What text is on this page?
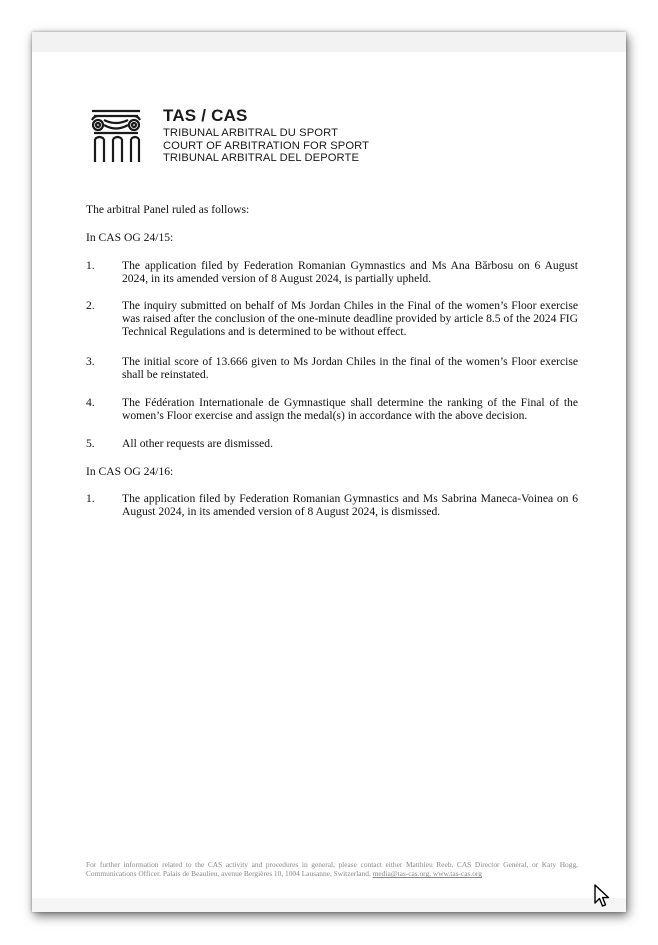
TAS / CAS
TRIBUNAL ARBITRAL DU SPORT
COURT OF ARBITRATION FOR SPORT
TRIBUNAL ARBITRAL DEL DEPORTE

The arbitral Panel ruled as follows:

In CAS OG 24/15:

1.	The application filed by Federation Romanian Gymnastics and Ms Ana Bărbosu on 6 August 2024, in its amended version of 8 August 2024, is partially upheld.
2.	The inquiry submitted on behalf of Ms Jordan Chiles in the Final of the women’s Floor exercise was raised after the conclusion of the one-minute deadline provided by article 8.5 of the 2024 FIG Technical Regulations and is determined to be without effect.
3.	The initial score of 13.666 given to Ms Jordan Chiles in the final of the women’s Floor exercise shall be reinstated.
4.	The Fédération Internationale de Gymnastique shall determine the ranking of the Final of the women’s Floor exercise and assign the medal(s) in accordance with the above decision.
5.	All other requests are dismissed.

In CAS OG 24/16:

1.	The application filed by Federation Romanian Gymnastics and Ms Sabrina Maneca-Voinea on 6 August 2024, in its amended version of 8 August 2024, is dismissed.
For further information related to the CAS activity and procedures in general, please contact either Matthieu Reeb, CAS Director General, or Katy Hogg, Communications Officer. Palais de Beaulieu, avenue Bergières 10, 1004 Lausanne, Switzerland. media@tas-cas.org, www.tas-cas.org
